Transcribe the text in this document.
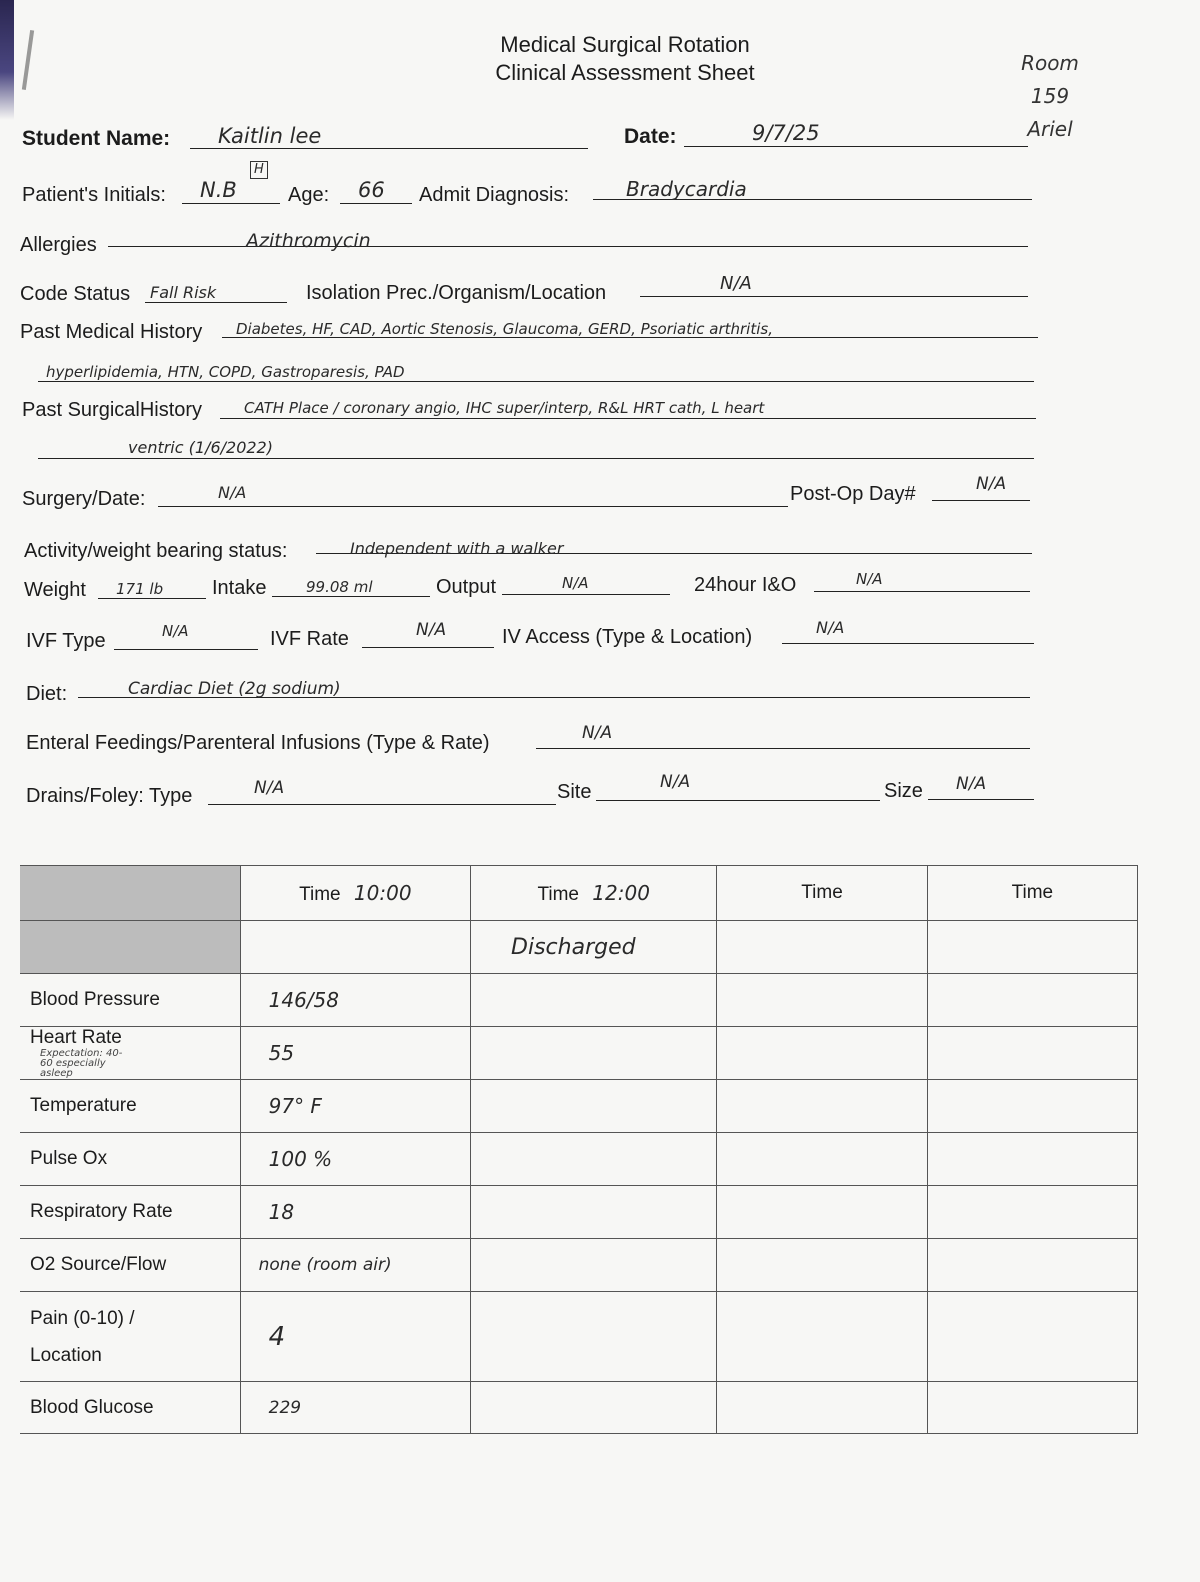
Medical Surgical Rotation
Clinical Assessment Sheet	Room
159
Ariel
Student Name: Kaitlin lee	Date:	9/7/25
Patient's Initials: N.B
H
Age: 66 Admit Diagnosis:	Bradycardia
Allergies	Azithromycin
Code Status Fall Risk	Isolation Prec./Organism/Location	N/A
Past Medical History Diabetes, HF, CAD, Aortic Stenosis, Glaucoma, GERD, Psoriatic arthritis,
hyperlipidemia, HTN, COPD, Gastroparesis, PAD
Past SurgicalHistory	CATH Place / coronary angio, IHC super/interp, R&L HRT cath, L heart
ventric (1/6/2022)
Surgery/Date:	N/A	Post-Op Day#	N/A
Activity/weight bearing status:	Independent with a walker
Weight 171 lb Intake	99.08 ml	Output	N/A	24hour I&O	N/A
IVF Type	N/A	IVF Rate	N/A	IV Access (Type & Location)	N/A
Diet:	Cardiac Diet (2g sodium)
Enteral Feedings/Parenteral Infusions (Type & Rate)	N/A
Drains/Foley: Type	N/A	Site	N/A	Size N/A
	Time 10:00	Time 12:00	Time	Time
		Discharged		
Blood Pressure	146/58			
Heart Rate Expectation: 40-60 especially asleep	55			
Temperature	97° F			
Pulse Ox	100 %			
Respiratory Rate	18			
O2 Source/Flow	none (room air)			

Pain (0-10) /
Location	4			
Blood Glucose	229			
